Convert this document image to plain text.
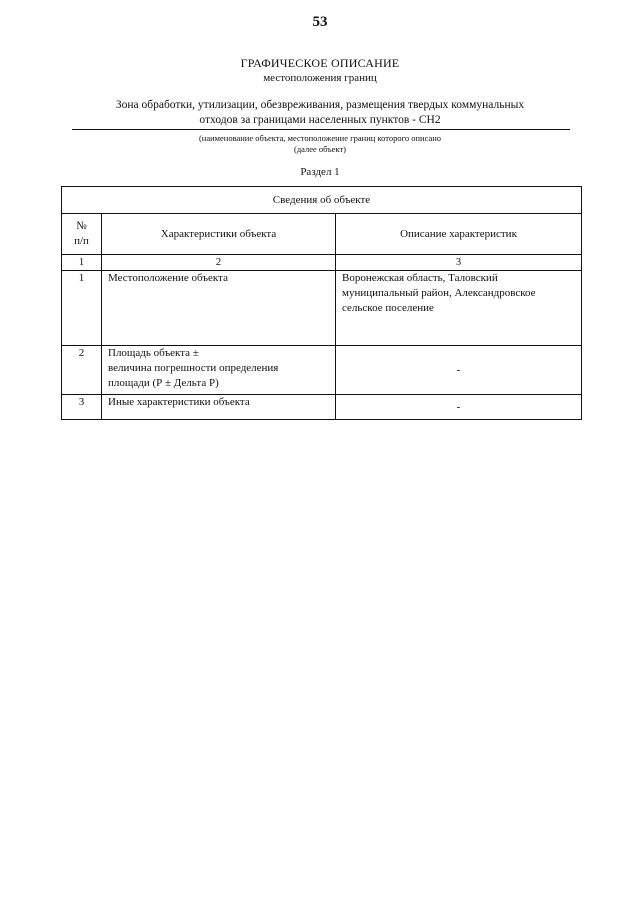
53
ГРАФИЧЕСКОЕ ОПИСАНИЕ
местоположения границ
Зона обработки, утилизации, обезвреживания, размещения твердых коммунальных
отходов за границами населенных пунктов - СН2
(наименование объекта, местоположение границ которого описано
(далее объект)
Раздел 1
Сведения об объекте		

№
п/п	Характеристики объекта	Описание характеристик
1	2	3
1	Местоположение объекта	Воронежская область, Таловский
муниципальный район, Александровское
сельское поселение

2	Площадь объекта ±
величина погрешности определения
площади (Р ± Дельта Р)	-
3	Иные характеристики объекта	-
